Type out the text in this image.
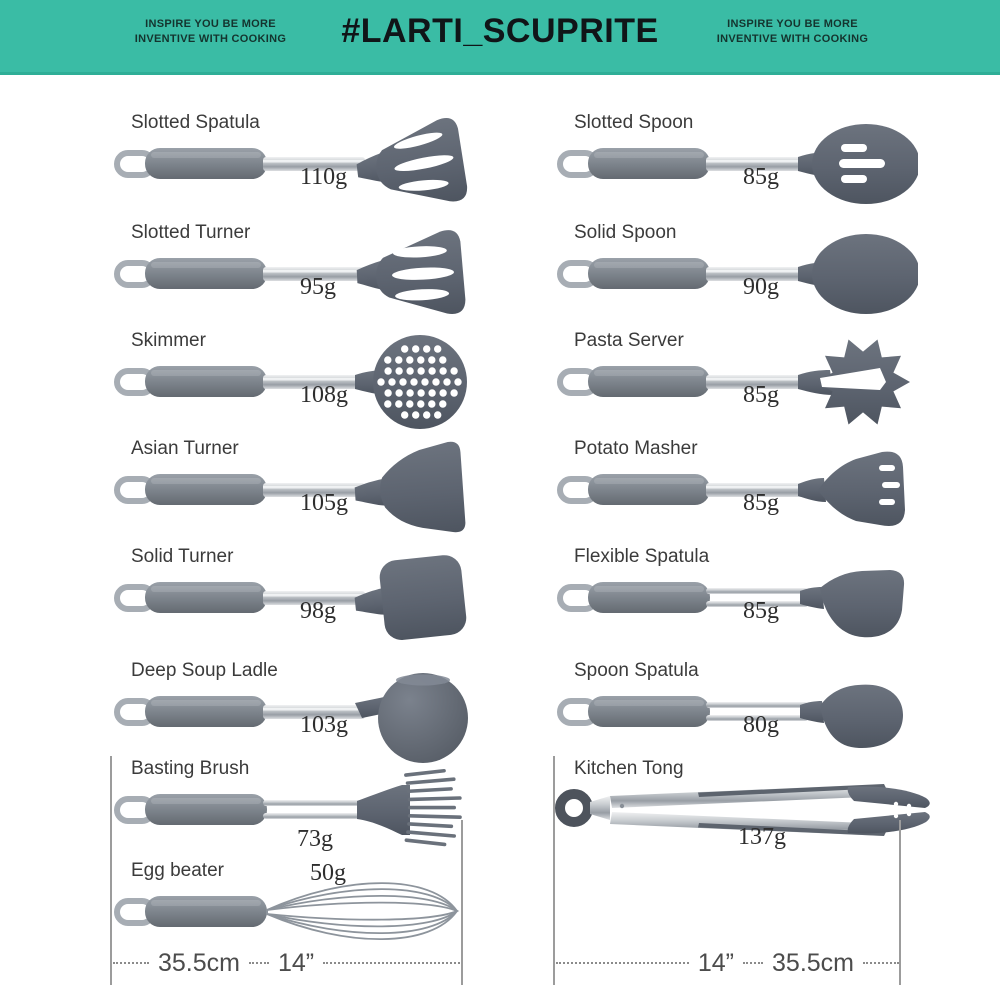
INSPIRE YOU BE MORE
INVENTIVE WITH COOKING	#LARTI_SCUPRITE	INSPIRE YOU BE MORE
INVENTIVE WITH COOKING
Slotted Spatula
110g
Slotted Spoon
85g
Slotted Turner
95g
Solid Spoon
90g
Skimmer
108g
Pasta Server
85g
Asian Turner
105g
Potato Masher
85g
Solid Turner
98g
Flexible Spatula
85g
Deep Soup Ladle
103g
Spoon Spatula
80g
Basting Brush
73g
Kitchen Tong
137g
Egg beater	50g
35.5cm	14”	14”	35.5cm
